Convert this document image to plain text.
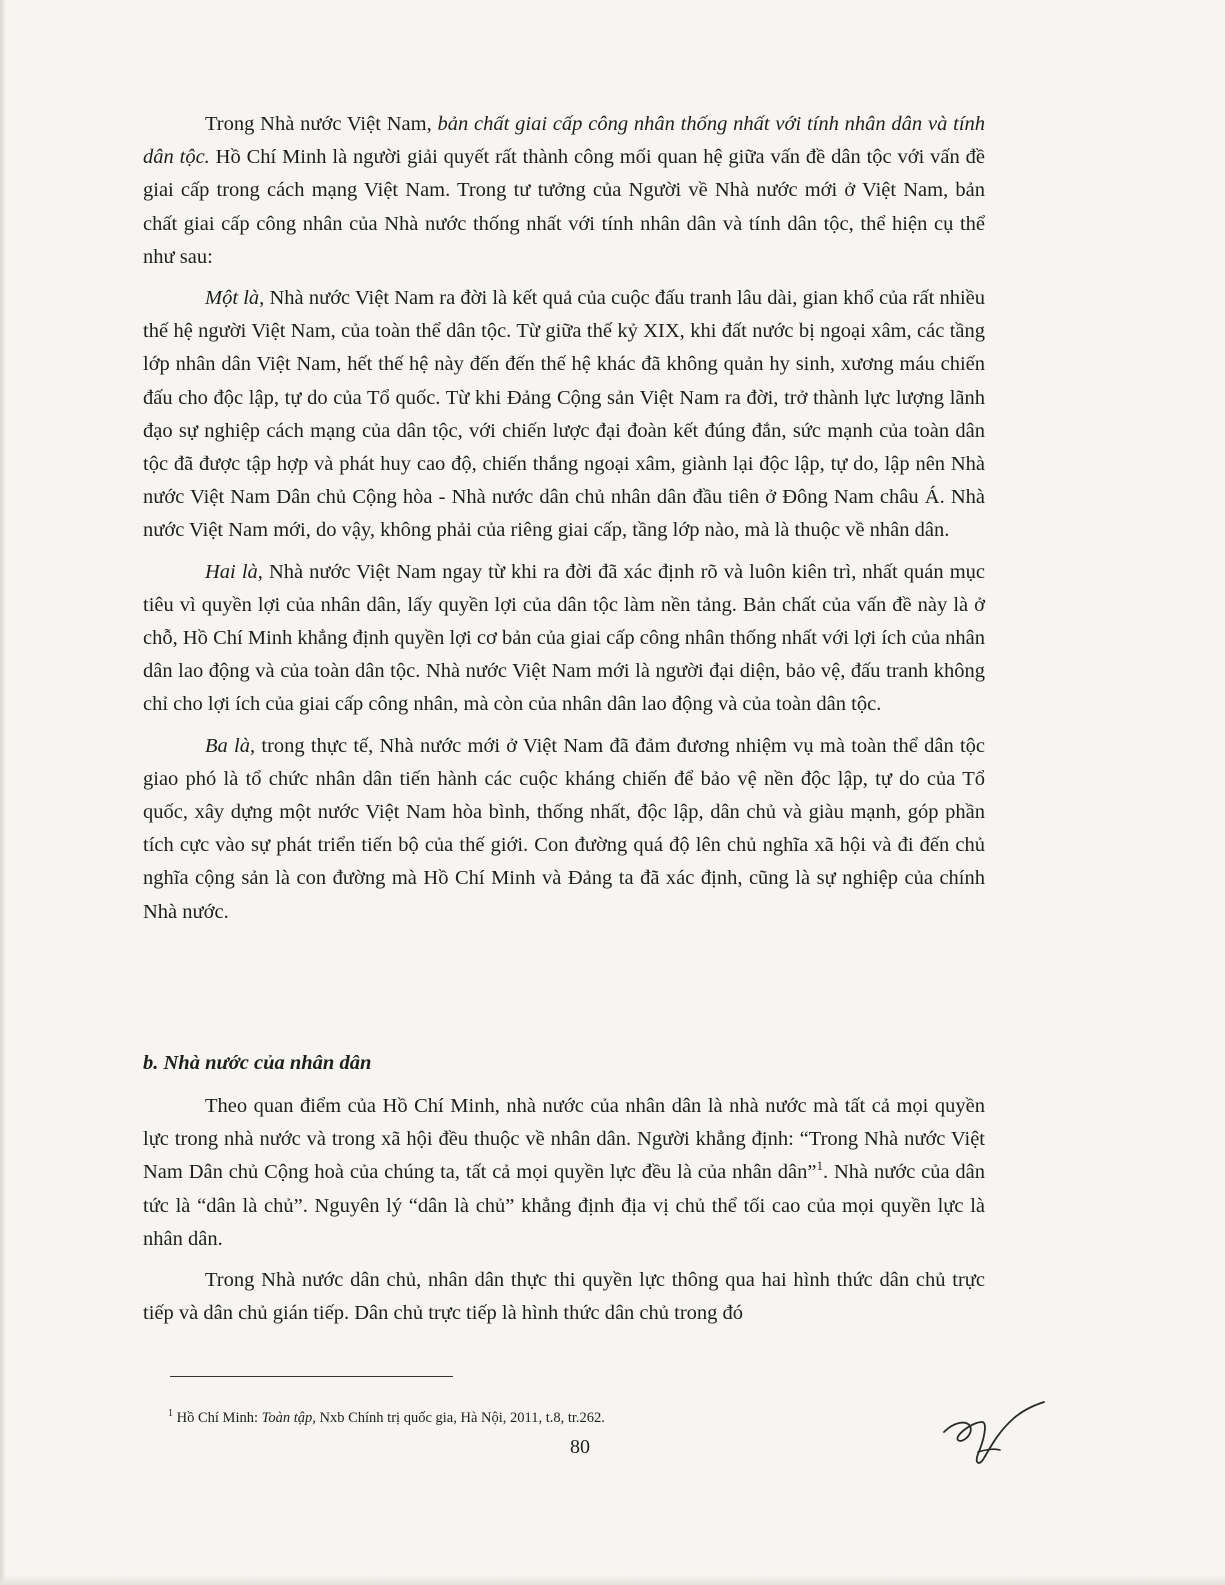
Trong Nhà nước Việt Nam, bản chất giai cấp công nhân thống nhất với tính nhân dân và tính dân tộc. Hồ Chí Minh là người giải quyết rất thành công mối quan hệ giữa vấn đề dân tộc với vấn đề giai cấp trong cách mạng Việt Nam. Trong tư tưởng của Người về Nhà nước mới ở Việt Nam, bản chất giai cấp công nhân của Nhà nước thống nhất với tính nhân dân và tính dân tộc, thể hiện cụ thể như sau:

Một là, Nhà nước Việt Nam ra đời là kết quả của cuộc đấu tranh lâu dài, gian khổ của rất nhiều thế hệ người Việt Nam, của toàn thể dân tộc. Từ giữa thế kỷ XIX, khi đất nước bị ngoại xâm, các tầng lớp nhân dân Việt Nam, hết thế hệ này đến đến thế hệ khác đã không quản hy sinh, xương máu chiến đấu cho độc lập, tự do của Tổ quốc. Từ khi Đảng Cộng sản Việt Nam ra đời, trở thành lực lượng lãnh đạo sự nghiệp cách mạng của dân tộc, với chiến lược đại đoàn kết đúng đắn, sức mạnh của toàn dân tộc đã được tập hợp và phát huy cao độ, chiến thắng ngoại xâm, giành lại độc lập, tự do, lập nên Nhà nước Việt Nam Dân chủ Cộng hòa - Nhà nước dân chủ nhân dân đầu tiên ở Đông Nam châu Á. Nhà nước Việt Nam mới, do vậy, không phải của riêng giai cấp, tầng lớp nào, mà là thuộc về nhân dân.

Hai là, Nhà nước Việt Nam ngay từ khi ra đời đã xác định rõ và luôn kiên trì, nhất quán mục tiêu vì quyền lợi của nhân dân, lấy quyền lợi của dân tộc làm nền tảng. Bản chất của vấn đề này là ở chỗ, Hồ Chí Minh khẳng định quyền lợi cơ bản của giai cấp công nhân thống nhất với lợi ích của nhân dân lao động và của toàn dân tộc. Nhà nước Việt Nam mới là người đại diện, bảo vệ, đấu tranh không chỉ cho lợi ích của giai cấp công nhân, mà còn của nhân dân lao động và của toàn dân tộc.

Ba là, trong thực tế, Nhà nước mới ở Việt Nam đã đảm đương nhiệm vụ mà toàn thể dân tộc giao phó là tổ chức nhân dân tiến hành các cuộc kháng chiến để bảo vệ nền độc lập, tự do của Tổ quốc, xây dựng một nước Việt Nam hòa bình, thống nhất, độc lập, dân chủ và giàu mạnh, góp phần tích cực vào sự phát triển tiến bộ của thế giới. Con đường quá độ lên chủ nghĩa xã hội và đi đến chủ nghĩa cộng sản là con đường mà Hồ Chí Minh và Đảng ta đã xác định, cũng là sự nghiệp của chính Nhà nước.

b. Nhà nước của nhân dân

Theo quan điểm của Hồ Chí Minh, nhà nước của nhân dân là nhà nước mà tất cả mọi quyền lực trong nhà nước và trong xã hội đều thuộc về nhân dân. Người khẳng định: “Trong Nhà nước Việt Nam Dân chủ Cộng hoà của chúng ta, tất cả mọi quyền lực đều là của nhân dân”$^1$. Nhà nước của dân tức là “dân là chủ”. Nguyên lý “dân là chủ” khẳng định địa vị chủ thể tối cao của mọi quyền lực là nhân dân.

Trong Nhà nước dân chủ, nhân dân thực thi quyền lực thông qua hai hình thức dân chủ trực tiếp và dân chủ gián tiếp. Dân chủ trực tiếp là hình thức dân chủ trong đó

$^1$ Hồ Chí Minh: Toàn tập, Nxb Chính trị quốc gia, Hà Nội, 2011, t.8, tr.262.
80
